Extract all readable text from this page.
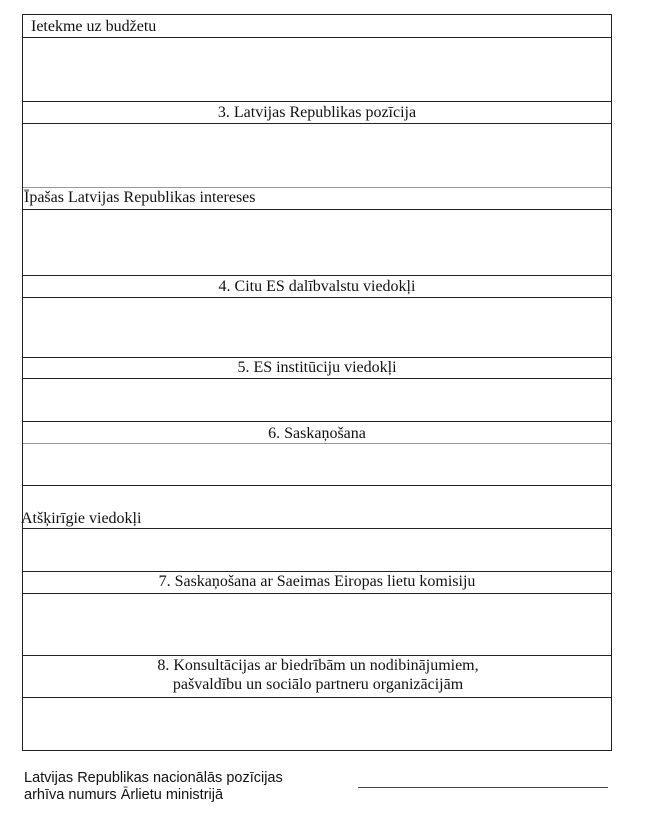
Ietekme uz budžetu
3. Latvijas Republikas pozīcija
Īpašas Latvijas Republikas intereses
4. Citu ES dalībvalstu viedokļi
5. ES institūciju viedokļi
6. Saskaņošana
Atšķirīgie viedokļi
7. Saskaņošana ar Saeimas Eiropas lietu komisiju
8. Konsultācijas ar biedrībām un nodibinājumiem, pašvaldību un sociālo partneru organizācijām
Latvijas Republikas nacionālās pozīcijas
arhīva numurs Ārlietu ministrijā
